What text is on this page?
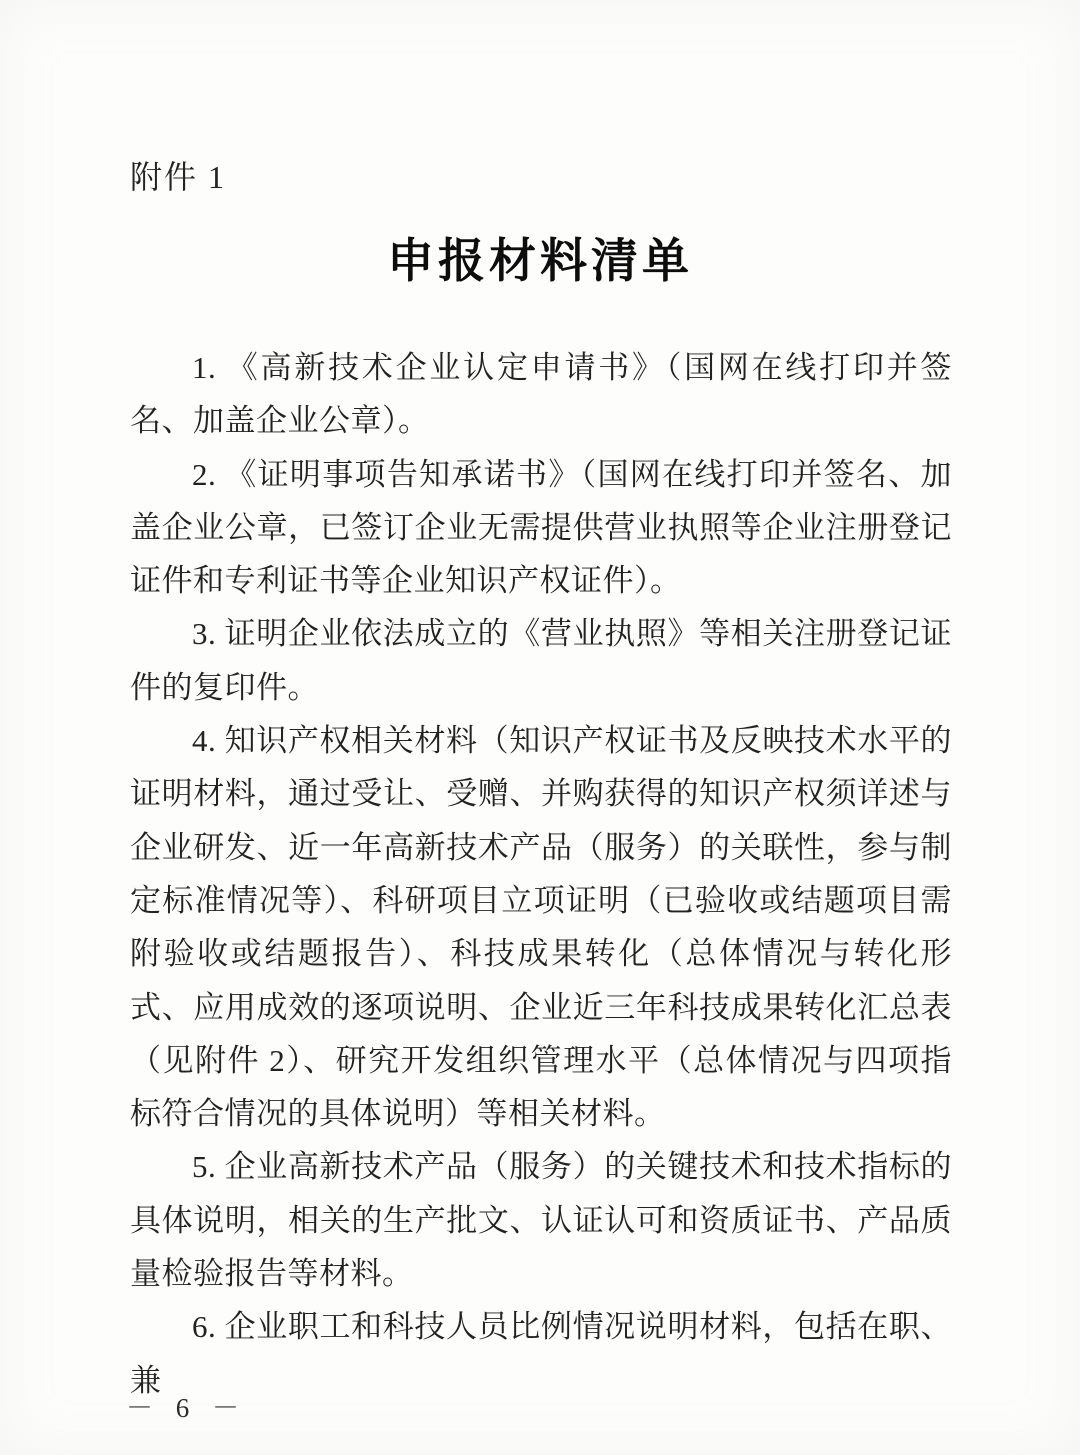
附件 1
申报材料清单

1. 《高新技术企业认定申请书》（国网在线打印并签名、加盖企业公章）。

2. 《证明事项告知承诺书》（国网在线打印并签名、加盖企业公章，已签订企业无需提供营业执照等企业注册登记证件和专利证书等企业知识产权证件）。

3. 证明企业依法成立的《营业执照》等相关注册登记证件的复印件。

4. 知识产权相关材料（知识产权证书及反映技术水平的证明材料，通过受让、受赠、并购获得的知识产权须详述与企业研发、近一年高新技术产品（服务）的关联性，参与制定标准情况等）、科研项目立项证明（已验收或结题项目需附验收或结题报告）、科技成果转化（总体情况与转化形式、应用成效的逐项说明、企业近三年科技成果转化汇总表（见附件 2）、研究开发组织管理水平（总体情况与四项指标符合情况的具体说明）等相关材料。

5. 企业高新技术产品（服务）的关键技术和技术指标的具体说明，相关的生产批文、认证认可和资质证书、产品质量检验报告等材料。

6. 企业职工和科技人员比例情况说明材料，包括在职、兼

－ 6 －
